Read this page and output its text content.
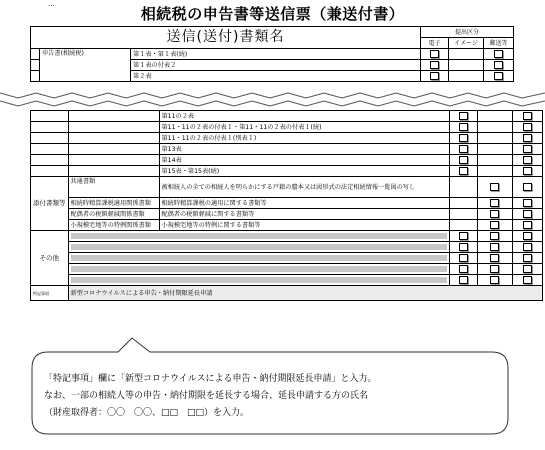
...
相続税の申告書等送信票（兼送付書）
送信(送付)書類名			提出区分		
			電子	イメージ	郵送等
	申告書(相続税)	第１表・第１表(続)			
		第１表の付表２			
		第２表			
		第11の２表			
		第11・11の２表の付表１・第11・11の２表の付表１(続)			
		第11・11の２表の付表１(別表１)			
		第13表			
		第14表			
		第15表・第15表(続)			
添付書類等	共通書類	被相続人の全ての相続人を明らかにする戸籍の謄本又は図形式の法定相続情報一覧図の写し			
	相続時精算課税適用関係書類	相続時精算課税の適用に関する書類等			
	配偶者の税額軽減関係書類	配偶者の税額軽減に関する書類等			
	小規模宅地等の特例関係書類	小規模宅地等の特例に関する書類等			
その他		

特記事項	新型コロナウイルスによる申告・納付期限延長申請				
「特記事項」欄に「新型コロナウイルスによる申告・納付期限延長申請」と入力。
なお、一部の相続人等の申告・納付期限を延長する場合、延長申請する方の氏名
（財産取得者：〇〇　〇〇、□□　□□）を入力。
